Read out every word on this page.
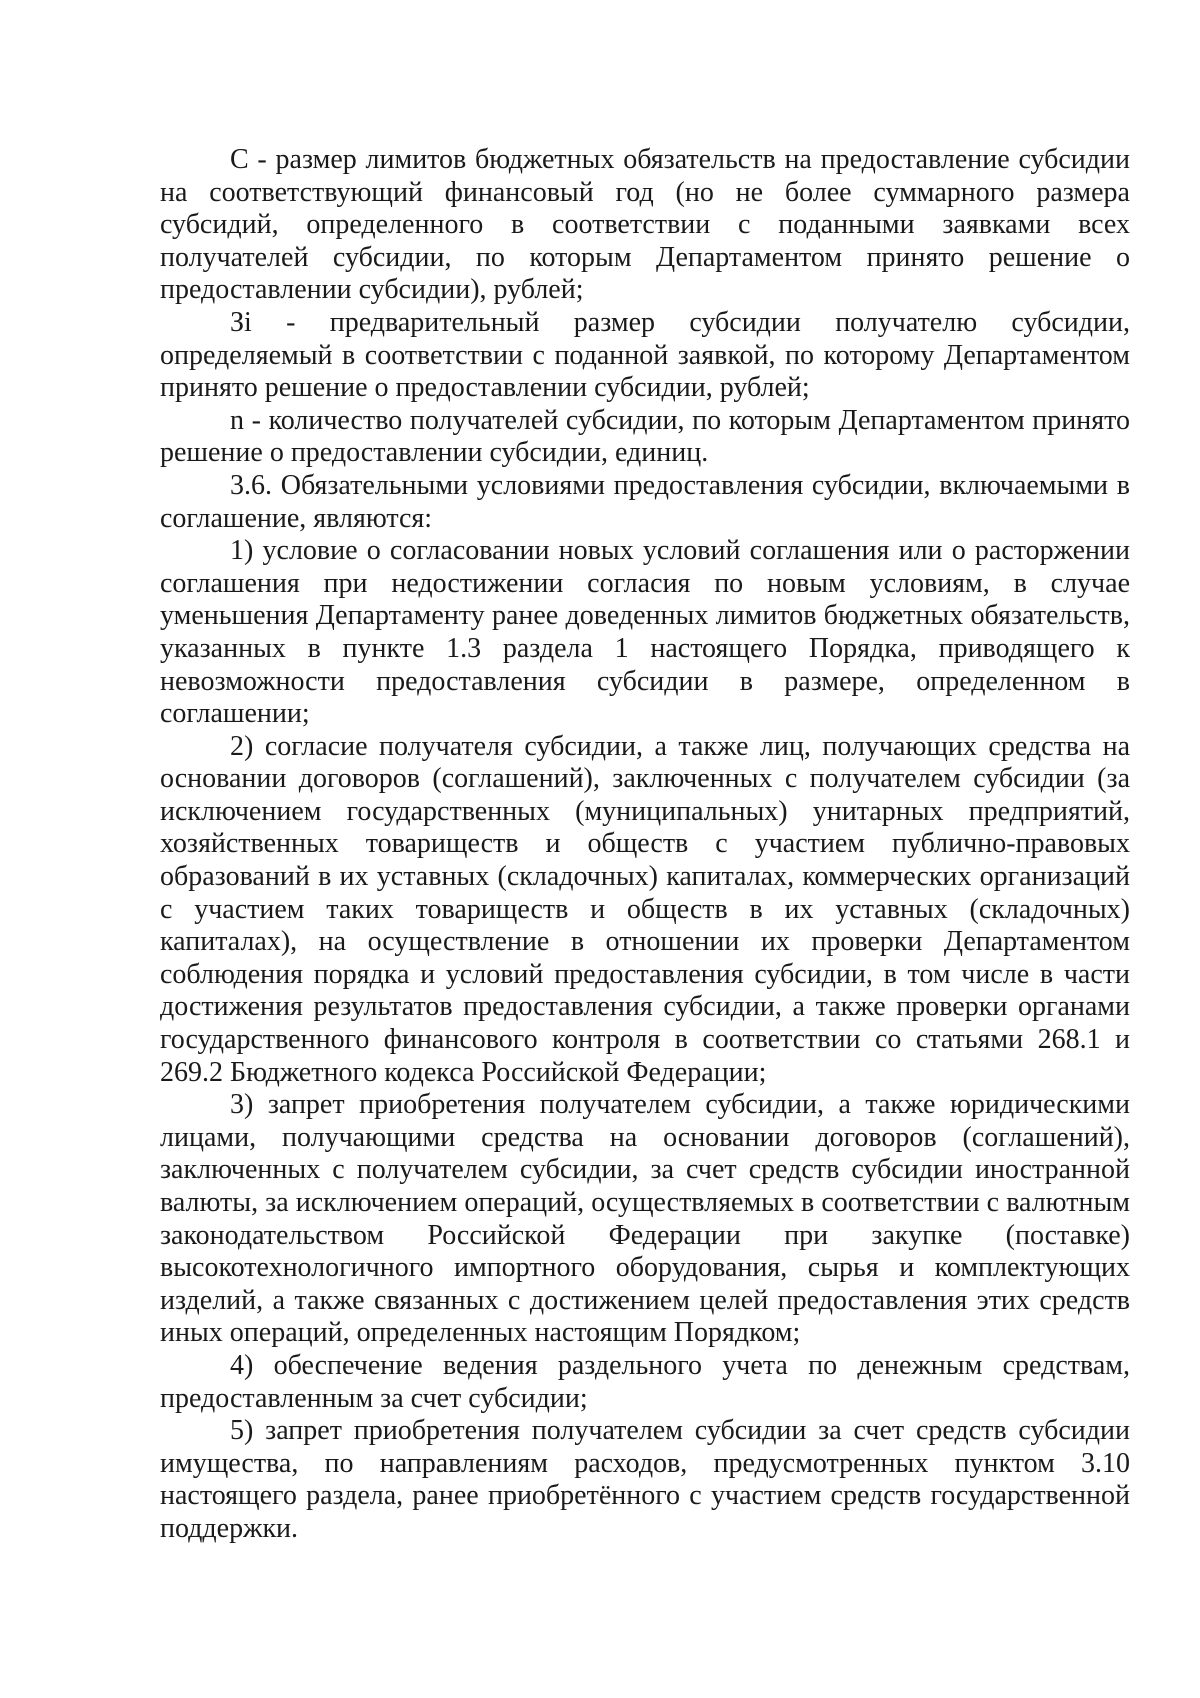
С - размер лимитов бюджетных обязательств на предоставление субсидии на соответствующий финансовый год (но не более суммарного размера субсидий, определенного в соответствии с поданными заявками всех получателей субсидии, по которым Департаментом принято решение о предоставлении субсидии), рублей;

Зi - предварительный размер субсидии получателю субсидии, определяемый в соответствии с поданной заявкой, по которому Департаментом принято решение о предоставлении субсидии, рублей;

n - количество получателей субсидии, по которым Департаментом принято решение о предоставлении субсидии, единиц.

3.6. Обязательными условиями предоставления субсидии, включаемыми в соглашение, являются:

1) условие о согласовании новых условий соглашения или о расторжении соглашения при недостижении согласия по новым условиям, в случае уменьшения Департаменту ранее доведенных лимитов бюджетных обязательств, указанных в пункте 1.3 раздела 1 настоящего Порядка, приводящего к невозможности предоставления субсидии в размере, определенном в соглашении;

2) согласие получателя субсидии, а также лиц, получающих средства на основании договоров (соглашений), заключенных с получателем субсидии (за исключением государственных (муниципальных) унитарных предприятий, хозяйственных товариществ и обществ с участием публично-правовых образований в их уставных (складочных) капиталах, коммерческих организаций с участием таких товариществ и обществ в их уставных (складочных) капиталах), на осуществление в отношении их проверки Департаментом соблюдения порядка и условий предоставления субсидии, в том числе в части достижения результатов предоставления субсидии, а также проверки органами государственного финансового контроля в соответствии со статьями 268.1 и 269.2 Бюджетного кодекса Российской Федерации;

3) запрет приобретения получателем субсидии, а также юридическими лицами, получающими средства на основании договоров (соглашений), заключенных с получателем субсидии, за счет средств субсидии иностранной валюты, за исключением операций, осуществляемых в соответствии с валютным законодательством Российской Федерации при закупке (поставке) высокотехнологичного импортного оборудования, сырья и комплектующих изделий, а также связанных с достижением целей предоставления этих средств иных операций, определенных настоящим Порядком;

4) обеспечение ведения раздельного учета по денежным средствам, предоставленным за счет субсидии;

5) запрет приобретения получателем субсидии за счет средств субсидии имущества, по направлениям расходов, предусмотренных пунктом 3.10 настоящего раздела, ранее приобретённого с участием средств государственной поддержки.
